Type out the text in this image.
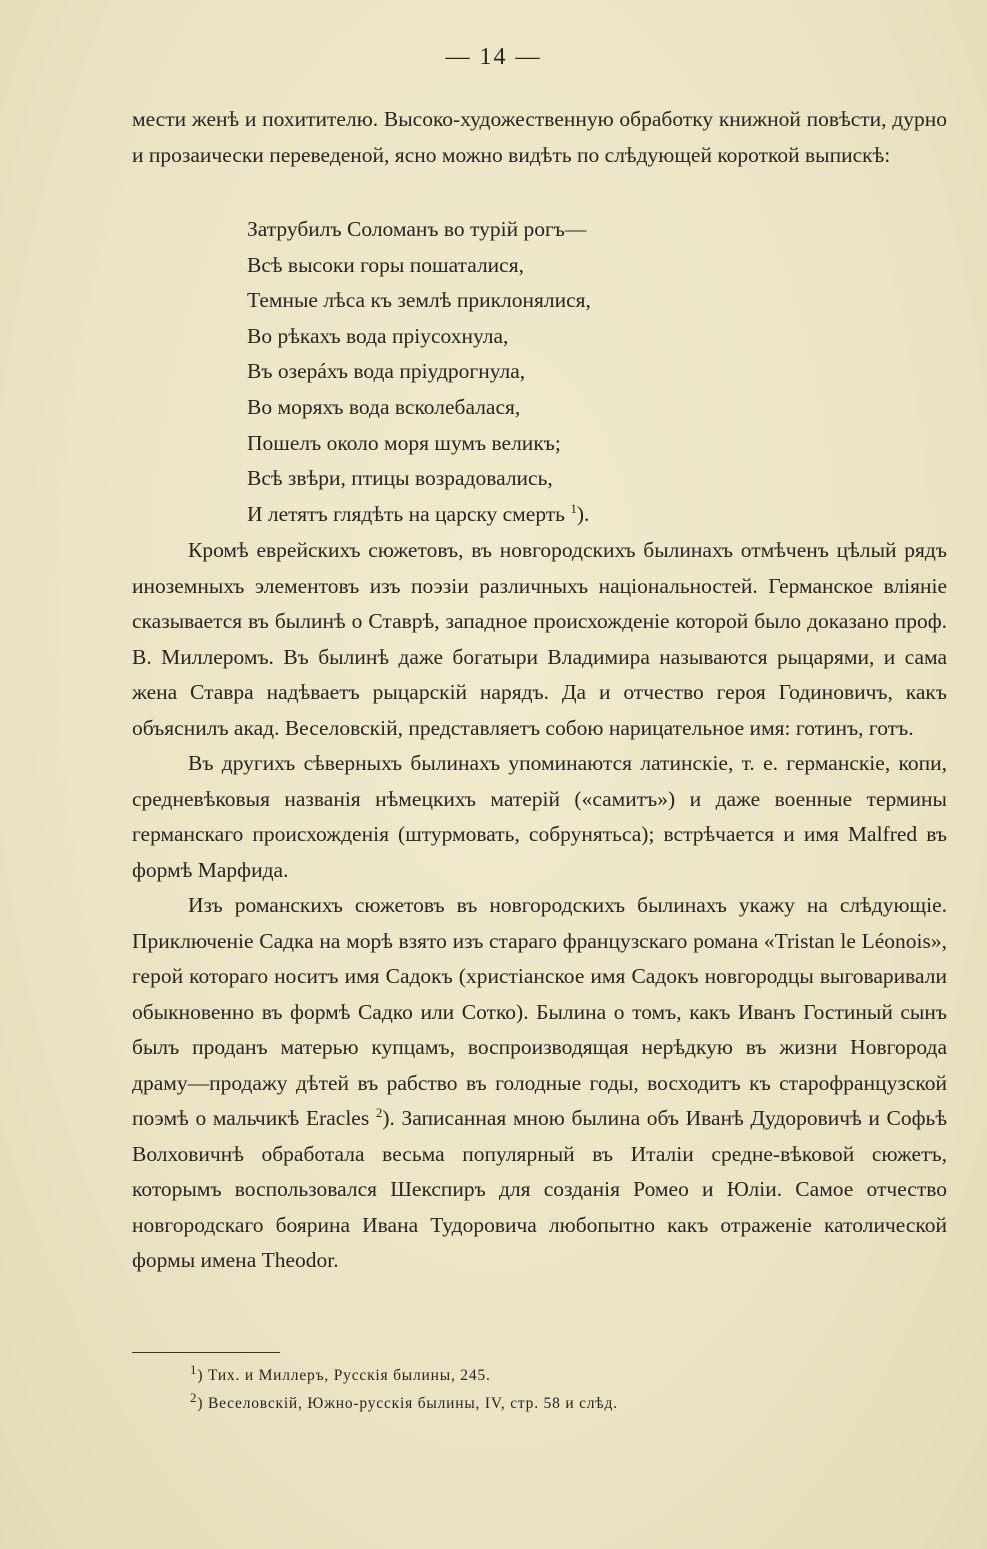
— 14 —

мести женѣ и похитителю. Высоко-художественную обработку книжной повѣсти, дурно и прозаически переведеной, ясно можно видѣть по слѣдующей короткой выпискѣ:

Затрубилъ Соломанъ во турій рогъ—
Всѣ высоки горы пошаталися,
Темные лѣса къ землѣ приклонялися,
Во рѣкахъ вода пріусохнула,
Въ озерáхъ вода пріудрогнула,
Во моряхъ вода всколебалася,
Пошелъ около моря шумъ великъ;
Всѣ звѣри, птицы возрадовались,
И летятъ глядѣть на царску смерть $^1$).

Кромѣ еврейскихъ сюжетовъ, въ новгородскихъ былинахъ отмѣченъ цѣлый рядъ иноземныхъ элементовъ изъ поэзіи различныхъ національностей. Германское вліяніе сказывается въ былинѣ о Ставрѣ, западное происхожденіе которой было доказано проф. В. Миллеромъ. Въ былинѣ даже богатыри Владимира называются рыцарями, и сама жена Ставра надѣваетъ рыцарскій нарядъ. Да и отчество героя Годиновичъ, какъ объяснилъ акад. Веселовскій, представляетъ собою нарицательное имя: готинъ, готъ.

Въ другихъ сѣверныхъ былинахъ упоминаются латинскіе, т. е. германскіе, копи, средневѣковыя названія нѣмецкихъ матерій («самитъ») и даже военные термины германскаго происхожденія (штурмовать, собрунятьса); встрѣчается и имя Malfred въ формѣ Марфида.

Изъ романскихъ сюжетовъ въ новгородскихъ былинахъ укажу на слѣдующіе. Приключеніе Садка на морѣ взято изъ стараго французскаго романа «Tristan le Léonois», герой котораго носитъ имя Садокъ (христіанское имя Садокъ новгородцы выговаривали обыкновенно въ формѣ Садко или Сотко). Былина о томъ, какъ Иванъ Гостиный сынъ былъ проданъ матерью купцамъ, воспроизводящая нерѣдкую въ жизни Новгорода драму—продажу дѣтей въ рабство въ голодные годы, восходитъ къ старофранцузской поэмѣ о мальчикѣ Eracles $^2$). Записанная мною былина объ Иванѣ Дудоровичѣ и Софьѣ Волховичнѣ обработала весьма популярный въ Италіи средне-вѣковой сюжетъ, которымъ воспользовался Шекспиръ для созданія Ромео и Юліи. Самое отчество новгородскаго боярина Ивана Тудоровича любопытно какъ отраженіе католической формы имена Theodor.

$^1$) Тих. и Миллеръ, Русскія былины, 245.
$^2$) Веселовскій, Южно-русскія былины, IV, стр. 58 и слѣд.
